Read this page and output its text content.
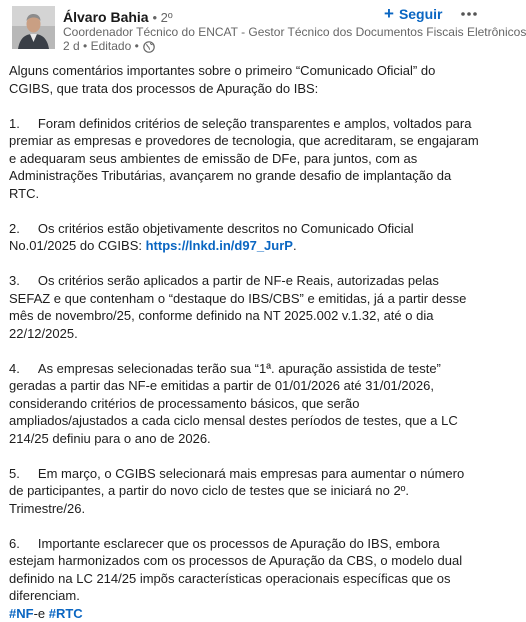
Álvaro Bahia • 2º
Coordenador Técnico do ENCAT - Gestor Técnico dos Documentos Fiscais Eletrônicos
2 d
• Editado •
+ Seguir

Alguns comentários importantes sobre o primeiro “Comunicado Oficial” do CGIBS, que trata dos processos de Apuração do IBS:

1.     Foram definidos critérios de seleção transparentes e amplos, voltados para premiar as empresas e provedores de tecnologia, que acreditaram, se engajaram e adequaram seus ambientes de emissão de DFe, para juntos, com as Administrações Tributárias, avançarem no grande desafio de implantação da RTC.

2.     Os critérios estão objetivamente descritos no Comunicado Oficial No.01/2025 do CGIBS: https://lnkd.in/d97_JurP.

3.     Os critérios serão aplicados a partir de NF-e Reais, autorizadas pelas SEFAZ e que contenham o “destaque do IBS/CBS” e emitidas, já a partir desse mês de novembro/25, conforme definido na NT 2025.002 v.1.32, até o dia 22/12/2025.

4.     As empresas selecionadas terão sua “1ª. apuração assistida de teste” geradas a partir das NF-e emitidas a partir de 01/01/2026 até 31/01/2026, considerando critérios de processamento básicos, que serão ampliados/ajustados a cada ciclo mensal destes períodos de testes, que a LC 214/25 definiu para o ano de 2026.

5.     Em março, o CGIBS selecionará mais empresas para aumentar o número de participantes, a partir do novo ciclo de testes que se iniciará no 2º. Trimestre/26.

6.     Importante esclarecer que os processos de Apuração do IBS, embora estejam harmonizados com os processos de Apuração da CBS, o modelo dual definido na LC 214/25 impõs características operacionais específicas que os diferenciam.

#NF-e #RTC
